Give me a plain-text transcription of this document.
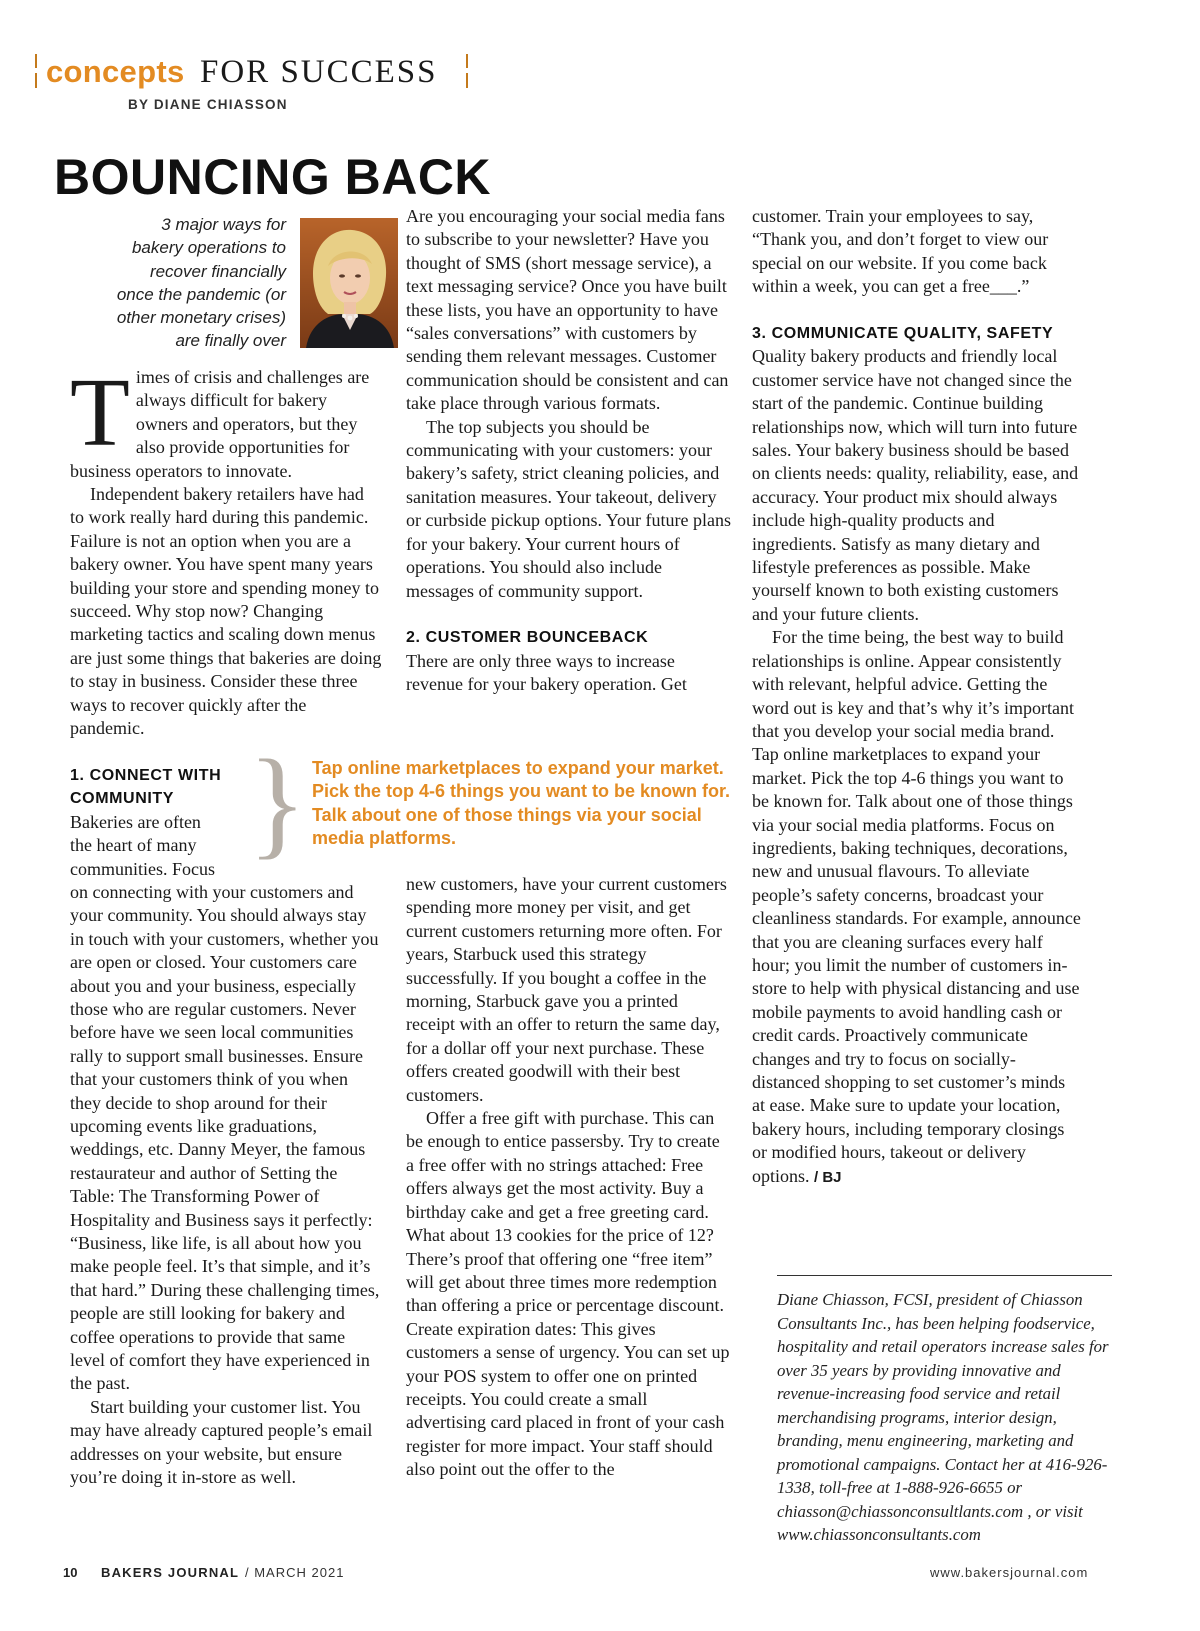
concepts FOR SUCCESS
BY DIANE CHIASSON
BOUNCING BACK
3 major ways for
bakery operations to
recover financially
once the pandemic (or
other monetary crises)
are finally over

Times of crisis and challenges are always difficult for bakery owners and operators, but they also provide opportunities for business operators to innovate.

Independent bakery retailers have had to work really hard during this pandemic. Failure is not an option when you are a bakery owner. You have spent many years building your store and spending money to succeed. Why stop now? Changing marketing tactics and scaling down menus are just some things that bakeries are doing to stay in business. Consider these three ways to recover quickly after the pandemic.

1. CONNECT WITH
COMMUNITY
Bakeries are often
the heart of many
communities. Focus

on connecting with your customers and your community. You should always stay in touch with your customers, whether you are open or closed. Your customers care about you and your business, especially those who are regular customers. Never before have we seen local communities rally to support small businesses. Ensure that your customers think of you when they decide to shop around for their upcoming events like graduations, weddings, etc. Danny Meyer, the famous restaurateur and author of Setting the Table: The Transforming Power of Hospitality and Business says it perfectly: “Business, like life, is all about how you make people feel. It’s that simple, and it’s that hard.” During these challenging times, people are still looking for bakery and coffee operations to provide that same level of comfort they have experienced in the past.

Start building your customer list. You may have already captured people’s email addresses on your website, but ensure you’re doing it in-store as well.

Are you encouraging your social media fans to subscribe to your newsletter? Have you thought of SMS (short message service), a text messaging service? Once you have built these lists, you have an opportunity to have “sales conversations” with customers by sending them relevant messages. Customer communication should be consistent and can take place through various formats.

The top subjects you should be communicating with your customers: your bakery’s safety, strict cleaning policies, and sanitation measures. Your takeout, delivery or curbside pickup options. Your future plans for your bakery. Your current hours of operations. You should also include messages of community support.

2. CUSTOMER BOUNCEBACK

There are only three ways to increase revenue for your bakery operation. Get

} Tap online marketplaces to expand your market. Pick the top 4-6 things you want to be known for. Talk about one of those things via your social media platforms.

new customers, have your current customers spending more money per visit, and get current customers returning more often. For years, Starbuck used this strategy successfully. If you bought a coffee in the morning, Starbuck gave you a printed receipt with an offer to return the same day, for a dollar off your next purchase. These offers created goodwill with their best customers.

Offer a free gift with purchase. This can be enough to entice passersby. Try to create a free offer with no strings attached: Free offers always get the most activity. Buy a birthday cake and get a free greeting card. What about 13 cookies for the price of 12? There’s proof that offering one “free item” will get about three times more redemption than offering a price or percentage discount. Create expiration dates: This gives customers a sense of urgency. You can set up your POS system to offer one on printed receipts. You could create a small advertising card placed in front of your cash register for more impact. Your staff should also point out the offer to the

customer. Train your employees to say, “Thank you, and don’t forget to view our special on our website. If you come back within a week, you can get a free___.”

3. COMMUNICATE QUALITY, SAFETY

Quality bakery products and friendly local customer service have not changed since the start of the pandemic. Continue building relationships now, which will turn into future sales. Your bakery business should be based on clients needs: quality, reliability, ease, and accuracy. Your product mix should always include high-quality products and ingredients. Satisfy as many dietary and lifestyle preferences as possible. Make yourself known to both existing customers and your future clients.

For the time being, the best way to build relationships is online. Appear consistently with relevant, helpful advice. Getting the word out is key and that’s why it’s important that you develop your social media brand. Tap online marketplaces to expand your market. Pick the top 4-6 things you want to be known for. Talk about one of those things via your social media platforms. Focus on ingredients, baking techniques, decorations, new and unusual flavours. To alleviate people’s safety concerns, broadcast your cleanliness standards. For example, announce that you are cleaning surfaces every half hour; you limit the number of customers in-store to help with physical distancing and use mobile payments to avoid handling cash or credit cards. Proactively communicate changes and try to focus on socially-distanced shopping to set customer’s minds at ease. Make sure to update your location, bakery hours, including temporary closings or modified hours, takeout or delivery options. / BJ

Diane Chiasson, FCSI, president of Chiasson Consultants Inc., has been helping foodservice, hospitality and retail operators increase sales for over 35 years by providing innovative and revenue-increasing food service and retail merchandising programs, interior design, branding, menu engineering, marketing and promotional campaigns. Contact her at 416-926-1338, toll-free at 1-888-926-6655 or chiasson@chiassonconsultlants.com , or visit www.chiassonconsultants.com
10 BAKERS JOURNAL / MARCH 2021	www.bakersjournal.com
